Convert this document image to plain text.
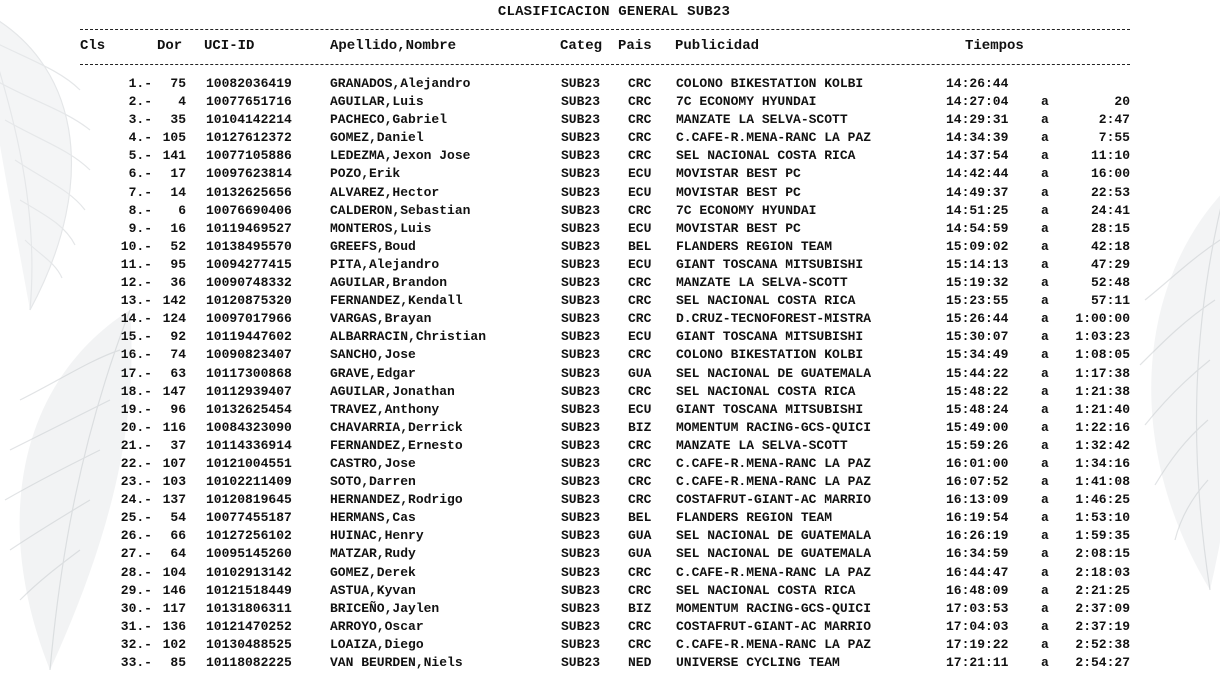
CLASIFICACION GENERAL SUB23
Cls	Dor UCI-ID	Apellido,Nombre	Categ Pais Publicidad	Tiempos
1.-	75 10082036419	GRANADOS,Alejandro	SUB23 CRC COLONO BIKESTATION KOLBI	14:26:44
2.-	4 10077651716	AGUILAR,Luis	SUB23 CRC 7C ECONOMY HYUNDAI	14:27:04	a	20
3.-	35 10104142214	PACHECO,Gabriel	SUB23 CRC MANZATE LA SELVA-SCOTT	14:29:31	a	2:47
4.- 105 10127612372	GOMEZ,Daniel	SUB23 CRC C.CAFE-R.MENA-RANC LA PAZ	14:34:39	a	7:55
5.- 141 10077105886	LEDEZMA,Jexon Jose	SUB23 CRC SEL NACIONAL COSTA RICA	14:37:54	a	11:10
6.-	17 10097623814	POZO,Erik	SUB23 ECU MOVISTAR BEST PC	14:42:44	a	16:00
7.-	14 10132625656	ALVAREZ,Hector	SUB23 ECU MOVISTAR BEST PC	14:49:37	a	22:53
8.-	6 10076690406	CALDERON,Sebastian	SUB23 CRC 7C ECONOMY HYUNDAI	14:51:25	a	24:41
9.-	16 10119469527	MONTEROS,Luis	SUB23 ECU MOVISTAR BEST PC	14:54:59	a	28:15
10.-	52 10138495570	GREEFS,Boud	SUB23 BEL FLANDERS REGION TEAM	15:09:02	a	42:18
11.-	95 10094277415	PITA,Alejandro	SUB23 ECU GIANT TOSCANA MITSUBISHI	15:14:13	a	47:29
12.-	36 10090748332	AGUILAR,Brandon	SUB23 CRC MANZATE LA SELVA-SCOTT	15:19:32	a	52:48
13.- 142 10120875320	FERNANDEZ,Kendall	SUB23 CRC SEL NACIONAL COSTA RICA	15:23:55	a	57:11
14.- 124 10097017966	VARGAS,Brayan	SUB23 CRC D.CRUZ-TECNOFOREST-MISTRA	15:26:44	a	1:00:00
15.-	92 10119447602	ALBARRACIN,Christian	SUB23 ECU GIANT TOSCANA MITSUBISHI	15:30:07	a	1:03:23
16.-	74 10090823407	SANCHO,Jose	SUB23 CRC COLONO BIKESTATION KOLBI	15:34:49	a	1:08:05
17.-	63 10117300868	GRAVE,Edgar	SUB23 GUA SEL NACIONAL DE GUATEMALA	15:44:22	a	1:17:38
18.- 147 10112939407	AGUILAR,Jonathan	SUB23 CRC SEL NACIONAL COSTA RICA	15:48:22	a	1:21:38
19.-	96 10132625454	TRAVEZ,Anthony	SUB23 ECU GIANT TOSCANA MITSUBISHI	15:48:24	a	1:21:40
20.- 116 10084323090	CHAVARRIA,Derrick	SUB23 BIZ MOMENTUM RACING-GCS-QUICI	15:49:00	a	1:22:16
21.-	37 10114336914	FERNANDEZ,Ernesto	SUB23 CRC MANZATE LA SELVA-SCOTT	15:59:26	a	1:32:42
22.- 107 10121004551	CASTRO,Jose	SUB23 CRC C.CAFE-R.MENA-RANC LA PAZ	16:01:00	a	1:34:16
23.- 103 10102211409	SOTO,Darren	SUB23 CRC C.CAFE-R.MENA-RANC LA PAZ	16:07:52	a	1:41:08
24.- 137 10120819645	HERNANDEZ,Rodrigo	SUB23 CRC COSTAFRUT-GIANT-AC MARRIO	16:13:09	a	1:46:25
25.-	54 10077455187	HERMANS,Cas	SUB23 BEL FLANDERS REGION TEAM	16:19:54	a	1:53:10
26.-	66 10127256102	HUINAC,Henry	SUB23 GUA SEL NACIONAL DE GUATEMALA	16:26:19	a	1:59:35
27.-	64 10095145260	MATZAR,Rudy	SUB23 GUA SEL NACIONAL DE GUATEMALA	16:34:59	a	2:08:15
28.- 104 10102913142	GOMEZ,Derek	SUB23 CRC C.CAFE-R.MENA-RANC LA PAZ	16:44:47	a	2:18:03
29.- 146 10121518449	ASTUA,Kyvan	SUB23 CRC SEL NACIONAL COSTA RICA	16:48:09	a	2:21:25
30.- 117 10131806311	BRICEÑO,Jaylen	SUB23 BIZ MOMENTUM RACING-GCS-QUICI	17:03:53	a	2:37:09
31.- 136 10121470252	ARROYO,Oscar	SUB23 CRC COSTAFRUT-GIANT-AC MARRIO	17:04:03	a	2:37:19
32.- 102 10130488525	LOAIZA,Diego	SUB23 CRC C.CAFE-R.MENA-RANC LA PAZ	17:19:22	a	2:52:38
33.-	85 10118082225	VAN BEURDEN,Niels	SUB23 NED UNIVERSE CYCLING TEAM	17:21:11	a	2:54:27
